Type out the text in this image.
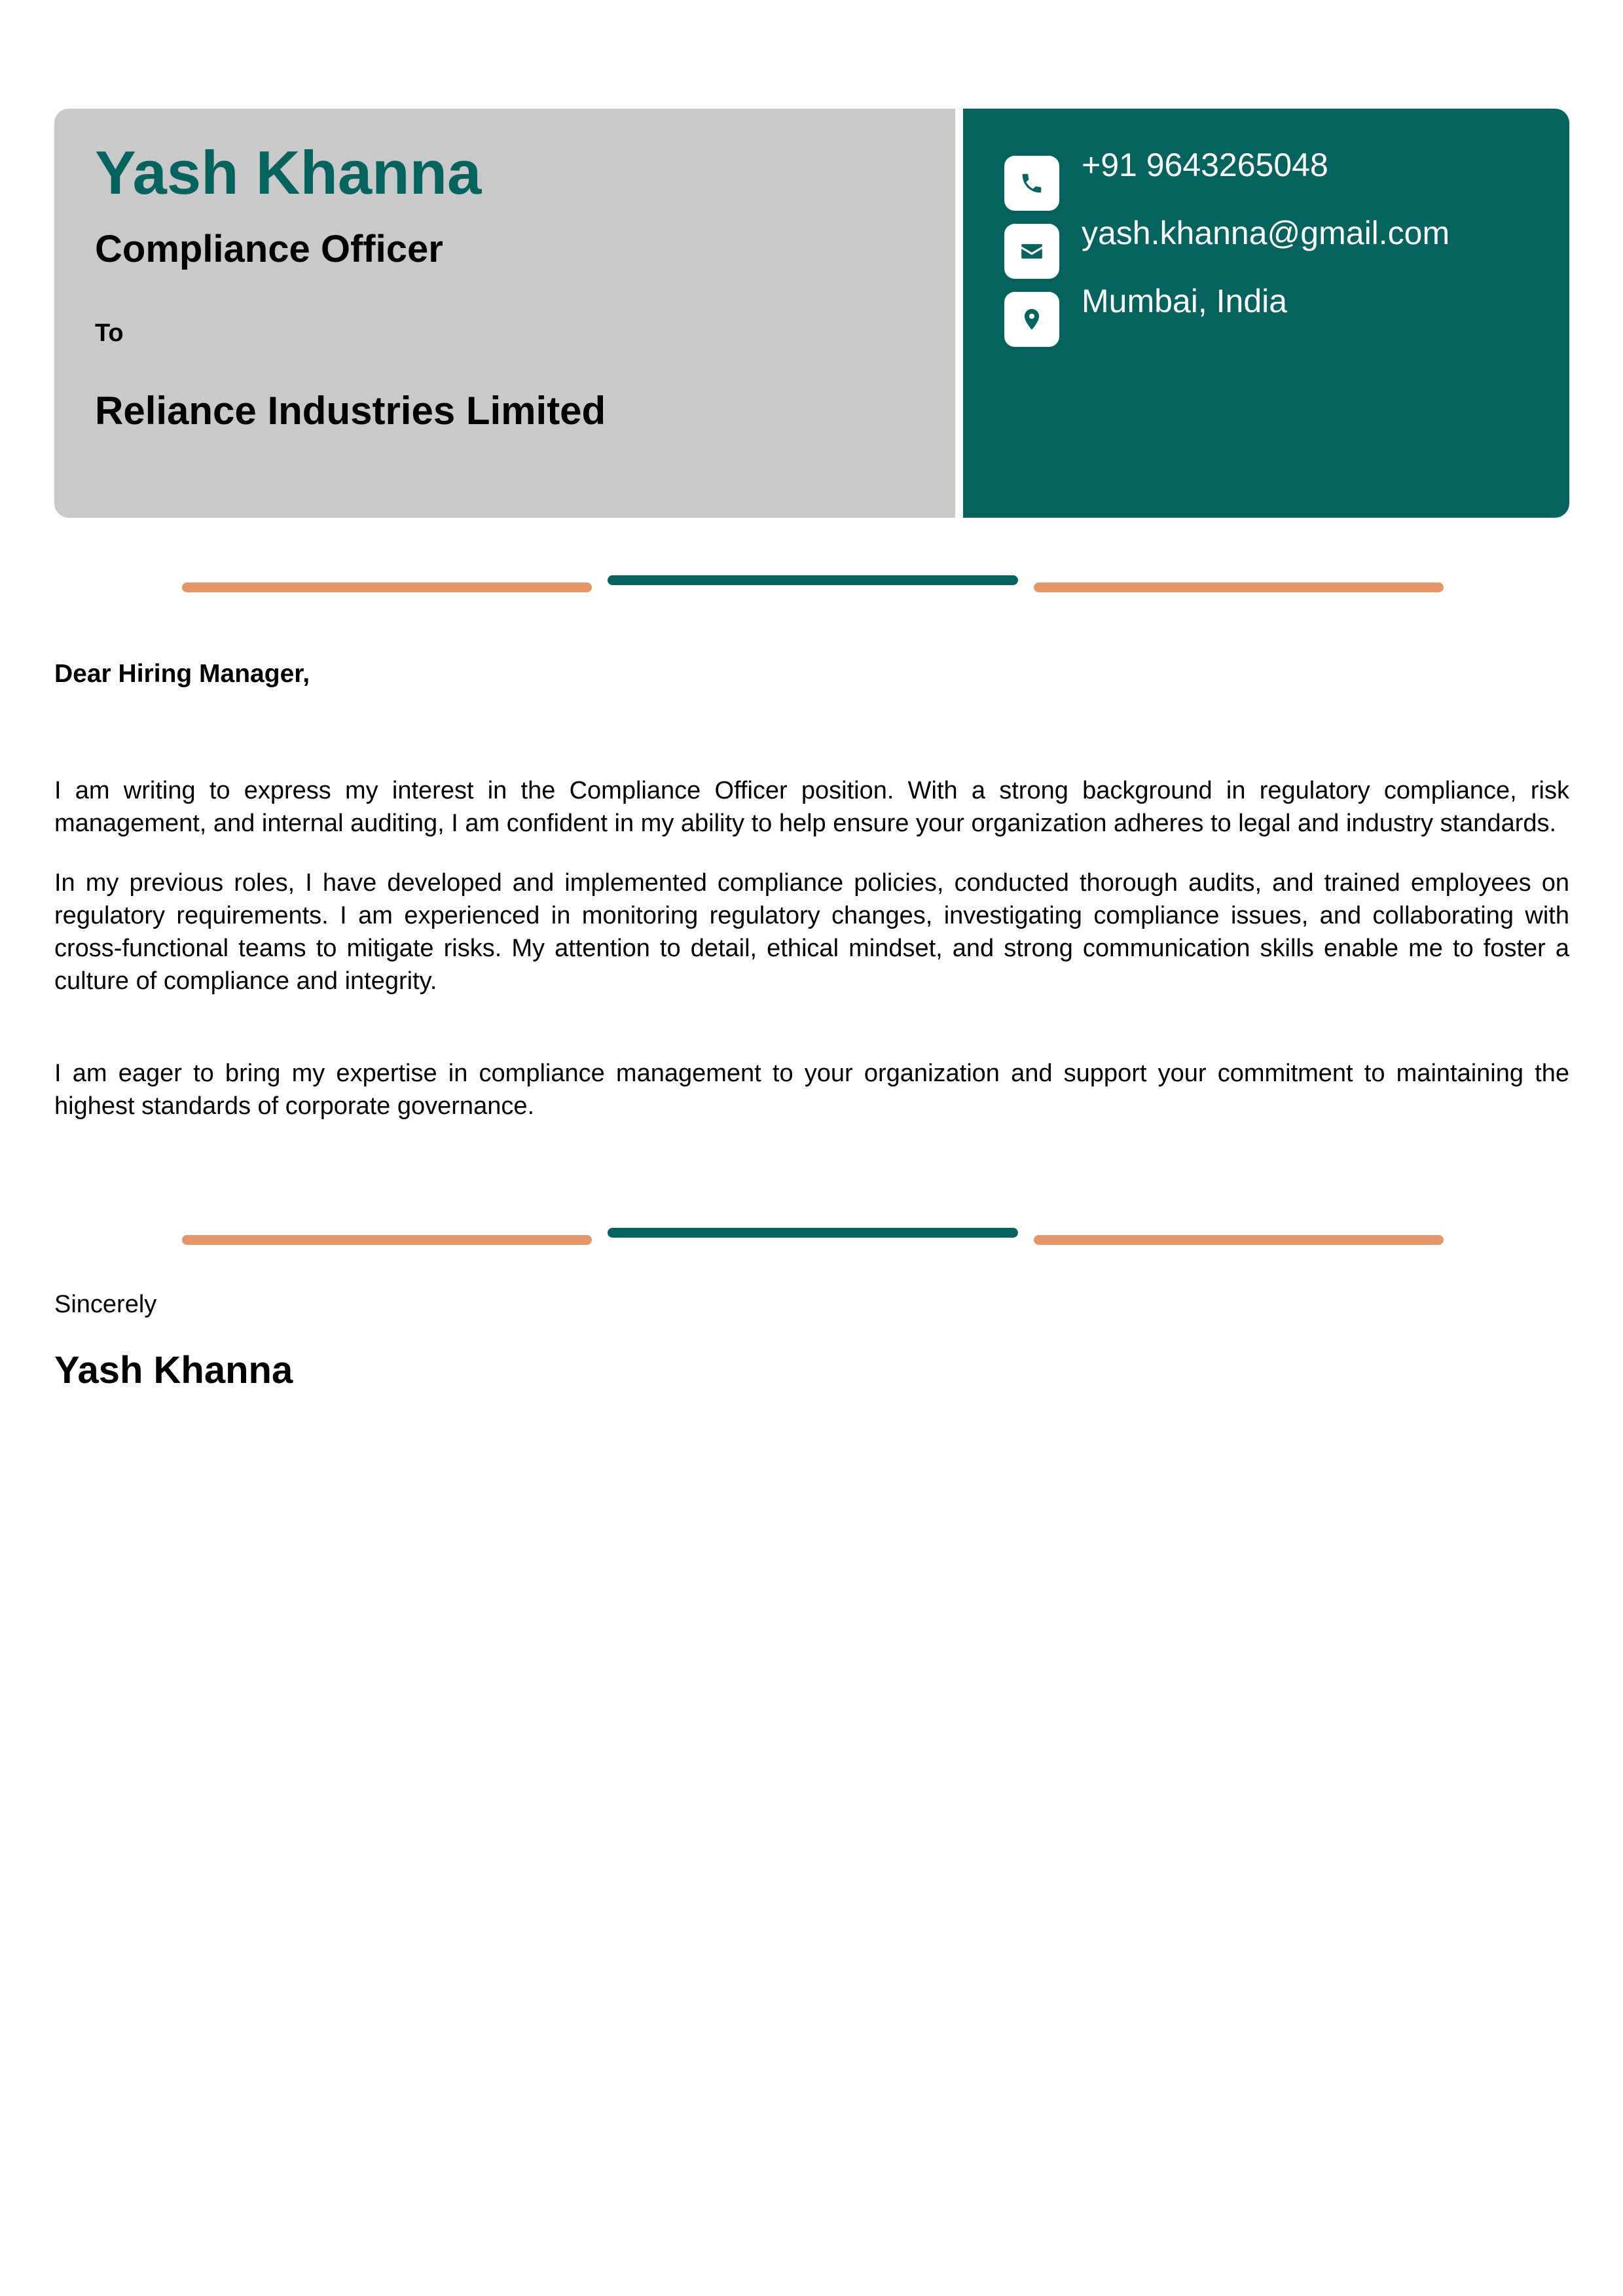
Yash Khanna
Compliance Officer
To
Reliance Industries Limited
+91 9643265048
yash.khanna@gmail.com
Mumbai, India
Dear Hiring Manager,

I am writing to express my interest in the Compliance Officer position. With a strong background in regulatory compliance, risk management, and internal auditing, I am confident in my ability to help ensure your organization adheres to legal and industry standards.

In my previous roles, I have developed and implemented compliance policies, conducted thorough audits, and trained employees on regulatory requirements. I am experienced in monitoring regulatory changes, investigating compliance issues, and collaborating with cross-functional teams to mitigate risks. My attention to detail, ethical mindset, and strong communication skills enable me to foster a culture of compliance and integrity.

I am eager to bring my expertise in compliance management to your organization and support your commitment to maintaining the highest standards of corporate governance.

Sincerely
Yash Khanna
